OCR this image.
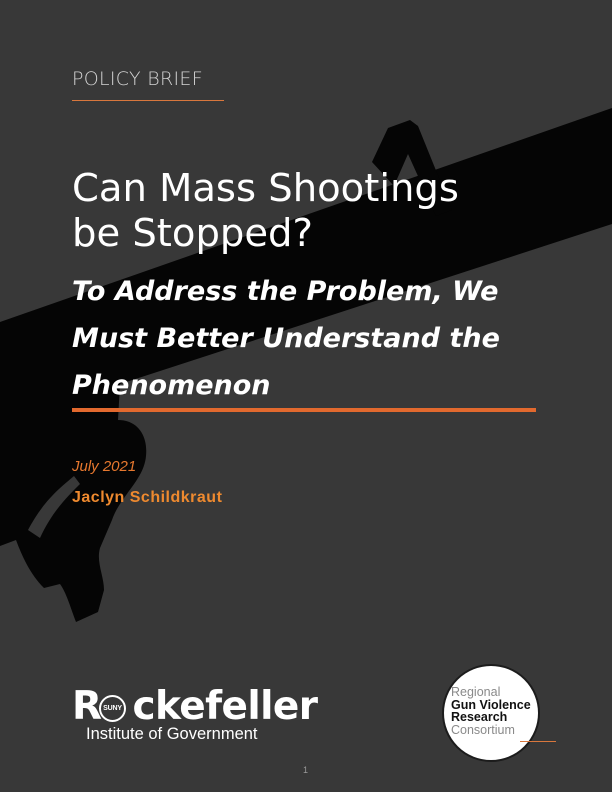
POLICY BRIEF

Can Mass Shootings
be Stopped?
To Address the Problem, We
Must Better Understand the
Phenomenon

July 2021

Jaclyn Schildkraut

R ckefeller

SUNY

Institute of Government

Regional
Gun Violence
Research
Consortium

1
